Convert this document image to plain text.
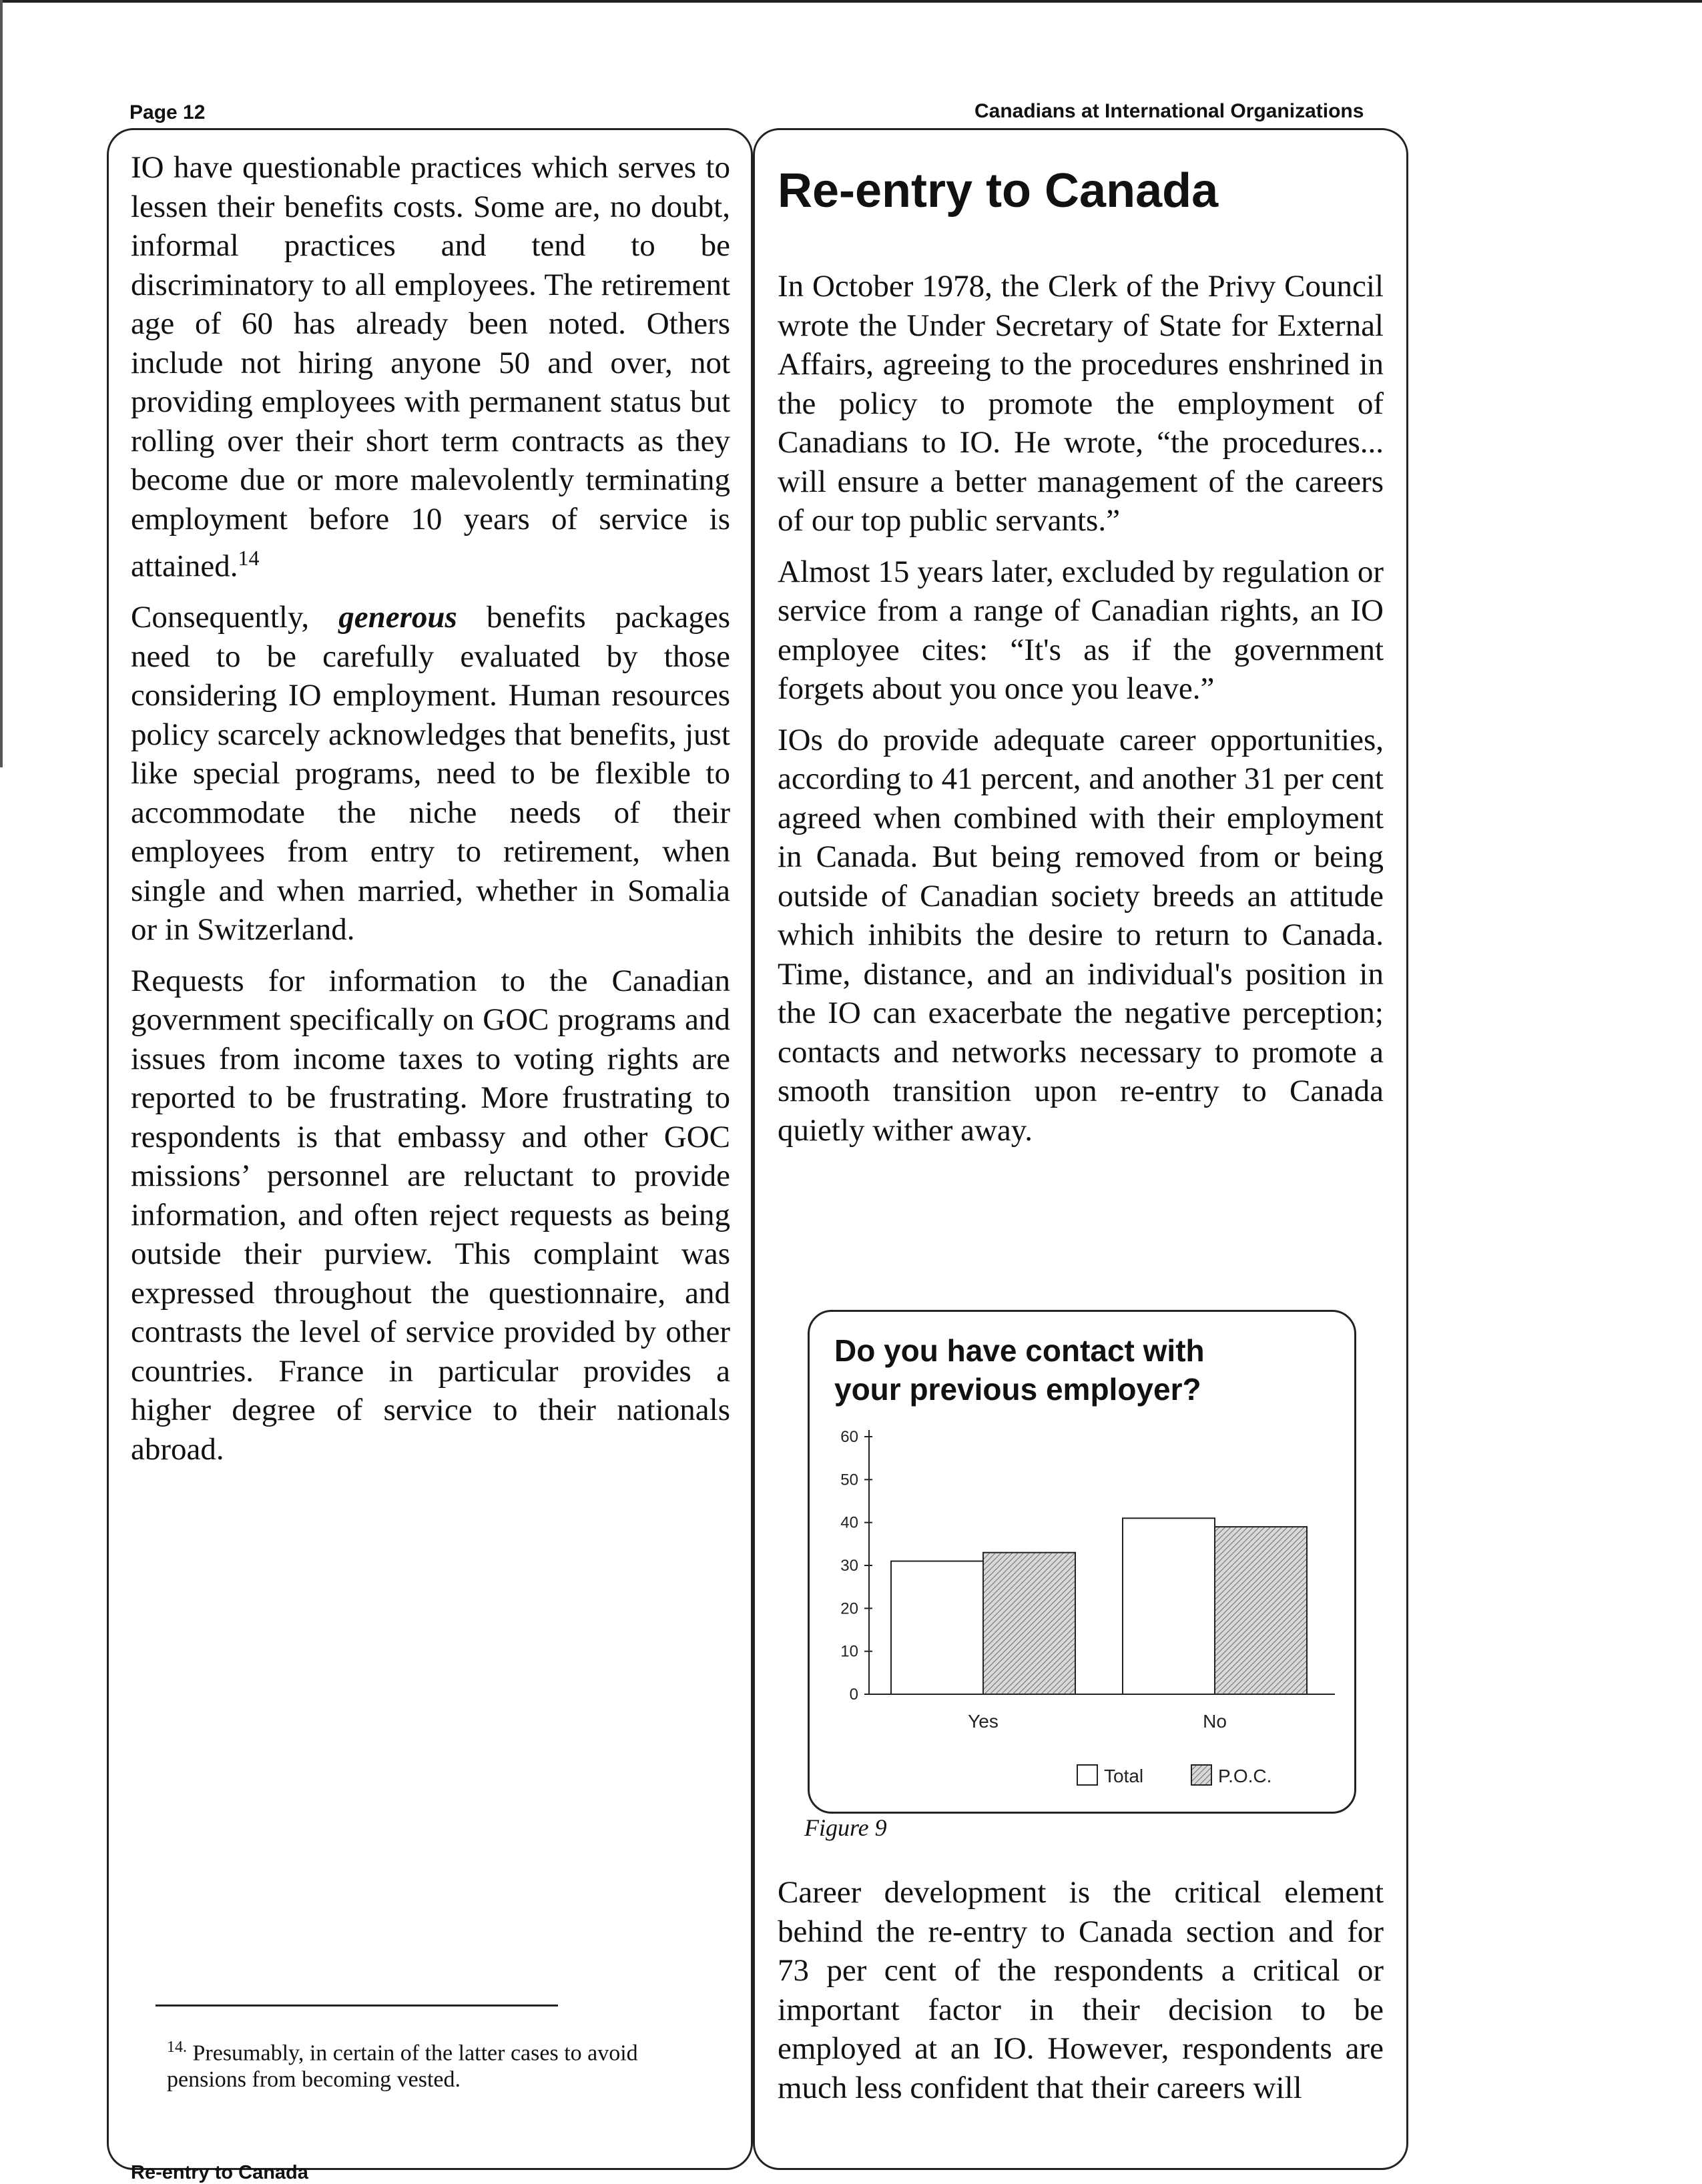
Page 12	Canadians at International Organizations

IO have questionable practices which serves to lessen their benefits costs. Some are, no doubt, informal practices and tend to be discriminatory to all employees. The retirement age of 60 has already been noted. Others include not hiring anyone 50 and over, not providing employees with permanent status but rolling over their short term contracts as they become due or more malevolently terminating employment before 10 years of service is attained.$^{14}$

Consequently, generous benefits packages need to be carefully evaluated by those considering IO employment. Human resources policy scarcely acknowledges that benefits, just like special programs, need to be flexible to accommodate the niche needs of their employees from entry to retirement, when single and when married, whether in Somalia or in Switzerland.

Requests for information to the Canadian government specifically on GOC programs and issues from income taxes to voting rights are reported to be frustrating. More frustrating to respondents is that embassy and other GOC missions’ personnel are reluctant to provide information, and often reject requests as being outside their purview. This complaint was expressed throughout the questionnaire, and contrasts the level of service provided by other countries. France in particular provides a higher degree of service to their nationals abroad.

$^{14.}$ Presumably, in certain of the latter cases to avoid pensions from becoming vested.
Re-entry to Canada

In October 1978, the Clerk of the Privy Council wrote the Under Secretary of State for External Affairs, agreeing to the procedures enshrined in the policy to promote the employment of Canadians to IO. He wrote, “the procedures... will ensure a better management of the careers of our top public servants.”

Almost 15 years later, excluded by regulation or service from a range of Canadian rights, an IO employee cites: “It's as if the government forgets about you once you leave.”

IOs do provide adequate career opportunities, according to 41 percent, and another 31 per cent agreed when combined with their employment in Canada. But being removed from or being outside of Canadian society breeds an attitude which inhibits the desire to return to Canada. Time, distance, and an individual's position in the IO can exacerbate the negative perception; contacts and networks necessary to promote a smooth transition upon re-entry to Canada quietly wither away.

Do you have contact with
your previous employer?
60
50
40
30
20
10
0
Yes	No
Total	P.O.C.
Figure 9

Career development is the critical element behind the re-entry to Canada section and for 73 per cent of the respondents a critical or important factor in their decision to be employed at an IO. However, respondents are much less confident that their careers will

Re-entry to Canada
